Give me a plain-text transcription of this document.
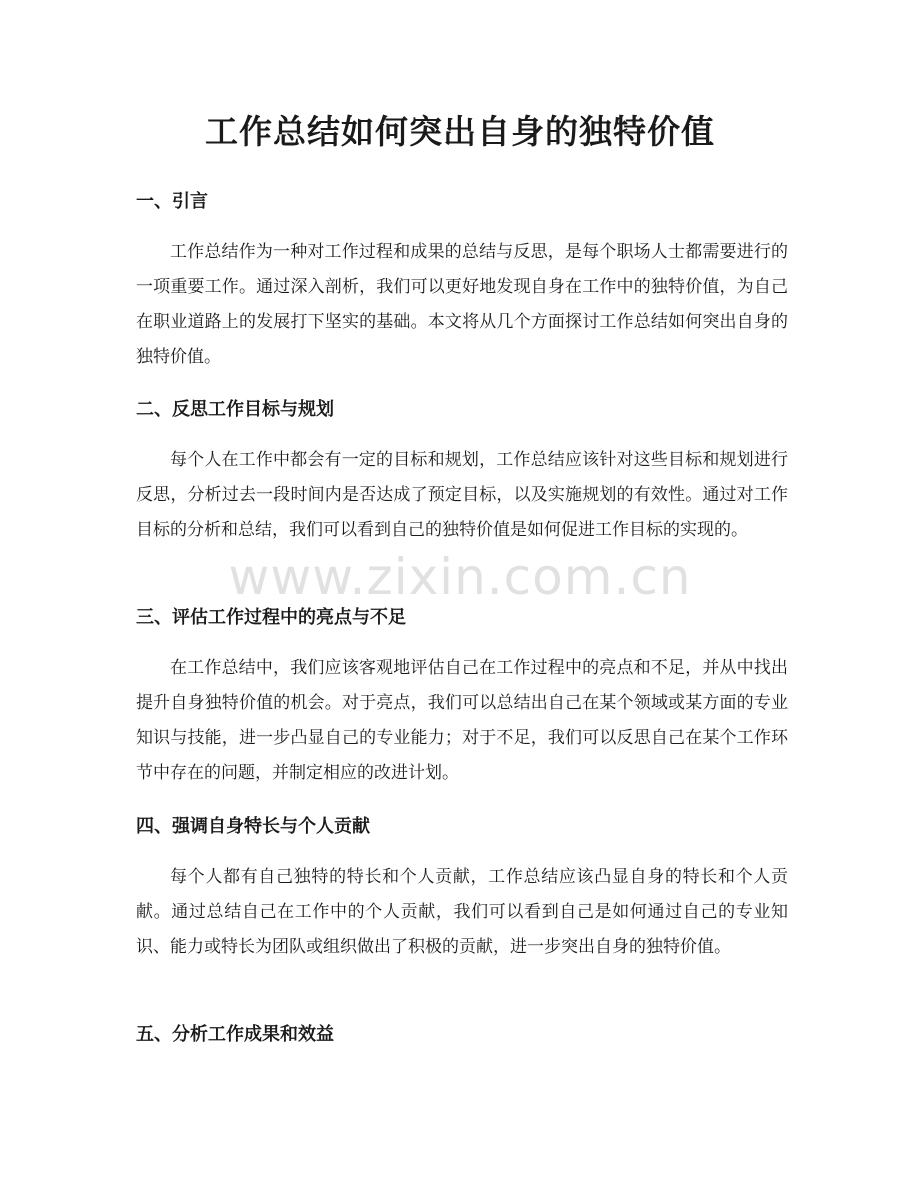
工作总结如何突出自身的独特价值
一、引言

工作总结作为一种对工作过程和成果的总结与反思，是每个职场人士都需要进行的一项重要工作。通过深入剖析，我们可以更好地发现自身在工作中的独特价值，为自己在职业道路上的发展打下坚实的基础。本文将从几个方面探讨工作总结如何突出自身的独特价值。

二、反思工作目标与规划

每个人在工作中都会有一定的目标和规划，工作总结应该针对这些目标和规划进行反思，分析过去一段时间内是否达成了预定目标，以及实施规划的有效性。通过对工作目标的分析和总结，我们可以看到自己的独特价值是如何促进工作目标的实现的。

三、评估工作过程中的亮点与不足

在工作总结中，我们应该客观地评估自己在工作过程中的亮点和不足，并从中找出提升自身独特价值的机会。对于亮点，我们可以总结出自己在某个领域或某方面的专业知识与技能，进一步凸显自己的专业能力；对于不足，我们可以反思自己在某个工作环节中存在的问题，并制定相应的改进计划。

四、强调自身特长与个人贡献

每个人都有自己独特的特长和个人贡献，工作总结应该凸显自身的特长和个人贡献。通过总结自己在工作中的个人贡献，我们可以看到自己是如何通过自己的专业知识、能力或特长为团队或组织做出了积极的贡献，进一步突出自身的独特价值。

五、分析工作成果和效益
www.zixin.com.cn
